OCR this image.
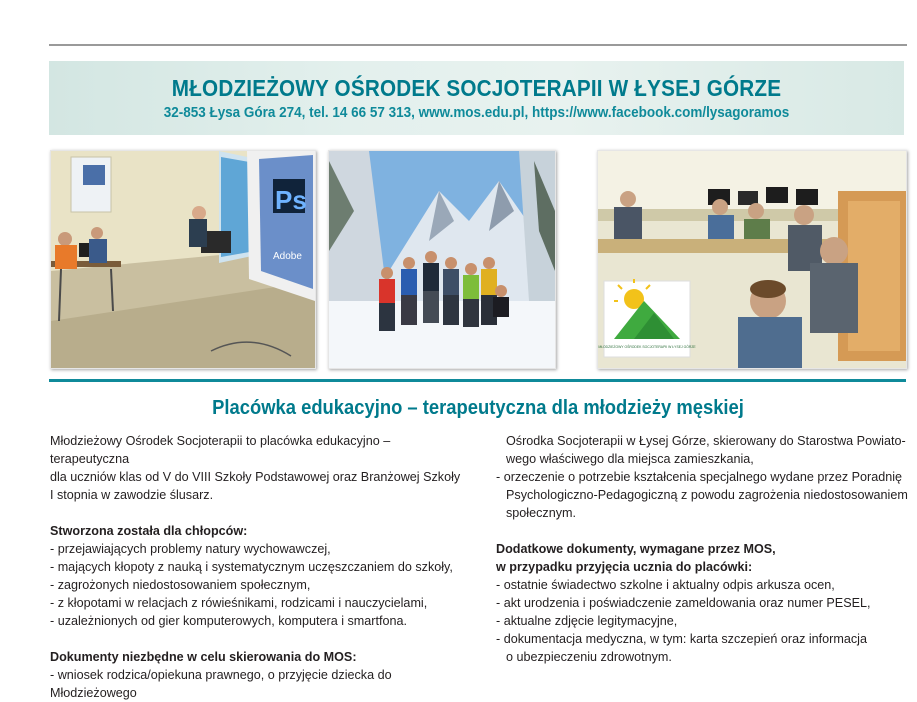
MŁODZIEŻOWY OŚRODEK SOCJOTERAPII W ŁYSEJ GÓRZE
32-853 Łysa Góra 274, tel. 14 66 57 313, www.mos.edu.pl, https://www.facebook.com/lysagoramos
Ps
Adobe
MŁODZIEŻOWY OŚRODEK SOCJOTERAPII W ŁYSEJ GÓRZE
Placówka edukacyjno – terapeutyczna dla młodzieży męskiej

Młodzieżowy Ośrodek Socjoterapii to placówka edukacyjno – terapeutyczna

dla uczniów klas od V do VIII Szkoły Podstawowej oraz Branżowej Szkoły

I stopnia w zawodzie ślusarz.

Stworzona została dla chłopców:

- przejawiających problemy natury wychowawczej,

- mających kłopoty z nauką i systematycznym uczęszczaniem do szkoły,

- zagrożonych niedostosowaniem społecznym,

- z kłopotami w relacjach z rówieśnikami, rodzicami i nauczycielami,

- uzależnionych od gier komputerowych, komputera i smartfona.

Dokumenty niezbędne w celu skierowania do MOS:

- wniosek rodzica/opiekuna prawnego, o przyjęcie dziecka do Młodzieżowego

Ośrodka Socjoterapii w Łysej Górze, skierowany do Starostwa Powiato-

wego właściwego dla miejsca zamieszkania,

- orzeczenie o potrzebie kształcenia specjalnego wydane przez Poradnię

Psychologiczno-Pedagogiczną z powodu zagrożenia niedostosowaniem

społecznym.

Dodatkowe dokumenty, wymagane przez MOS,

w przypadku przyjęcia ucznia do placówki:

- ostatnie świadectwo szkolne i aktualny odpis arkusza ocen,

- akt urodzenia i poświadczenie zameldowania oraz numer PESEL,

- aktualne zdjęcie legitymacyjne,

- dokumentacja medyczna, w tym: karta szczepień oraz informacja

o ubezpieczeniu zdrowotnym.
